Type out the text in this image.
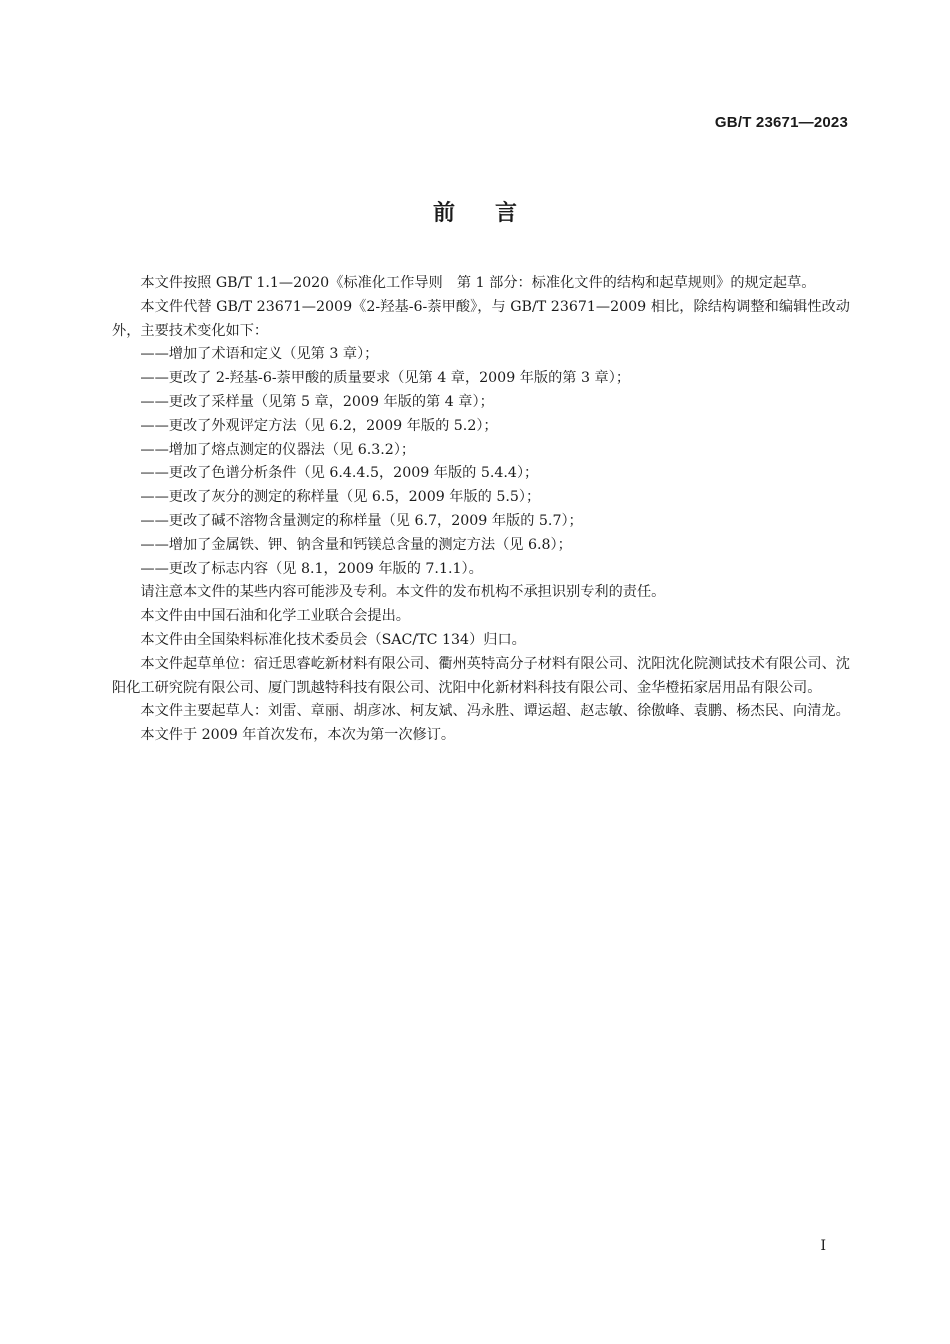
GB/T 23671—2023
前言

本文件按照 GB/T 1.1—2020《标准化工作导则　第 1 部分：标准化文件的结构和起草规则》的规定起草。

本文件代替 GB/T 23671—2009《2-羟基-6-萘甲酸》，与 GB/T 23671—2009 相比，除结构调整和编辑性改动外，主要技术变化如下：

——增加了术语和定义（见第 3 章）；

——更改了 2-羟基-6-萘甲酸的质量要求（见第 4 章，2009 年版的第 3 章）；

——更改了采样量（见第 5 章，2009 年版的第 4 章）；

——更改了外观评定方法（见 6.2，2009 年版的 5.2）；

——增加了熔点测定的仪器法（见 6.3.2）；

——更改了色谱分析条件（见 6.4.4.5，2009 年版的 5.4.4）；

——更改了灰分的测定的称样量（见 6.5，2009 年版的 5.5）；

——更改了碱不溶物含量测定的称样量（见 6.7，2009 年版的 5.7）；

——增加了金属铁、钾、钠含量和钙镁总含量的测定方法（见 6.8）；

——更改了标志内容（见 8.1，2009 年版的 7.1.1）。

请注意本文件的某些内容可能涉及专利。本文件的发布机构不承担识别专利的责任。

本文件由中国石油和化学工业联合会提出。

本文件由全国染料标准化技术委员会（SAC/TC 134）归口。

本文件起草单位：宿迁思睿屹新材料有限公司、衢州英特高分子材料有限公司、沈阳沈化院测试技术有限公司、沈阳化工研究院有限公司、厦门凯越特科技有限公司、沈阳中化新材料科技有限公司、金华橙拓家居用品有限公司。

本文件主要起草人：刘雷、章丽、胡彦冰、柯友斌、冯永胜、谭运超、赵志敏、徐傲峰、袁鹏、杨杰民、向清龙。

本文件于 2009 年首次发布，本次为第一次修订。

I
